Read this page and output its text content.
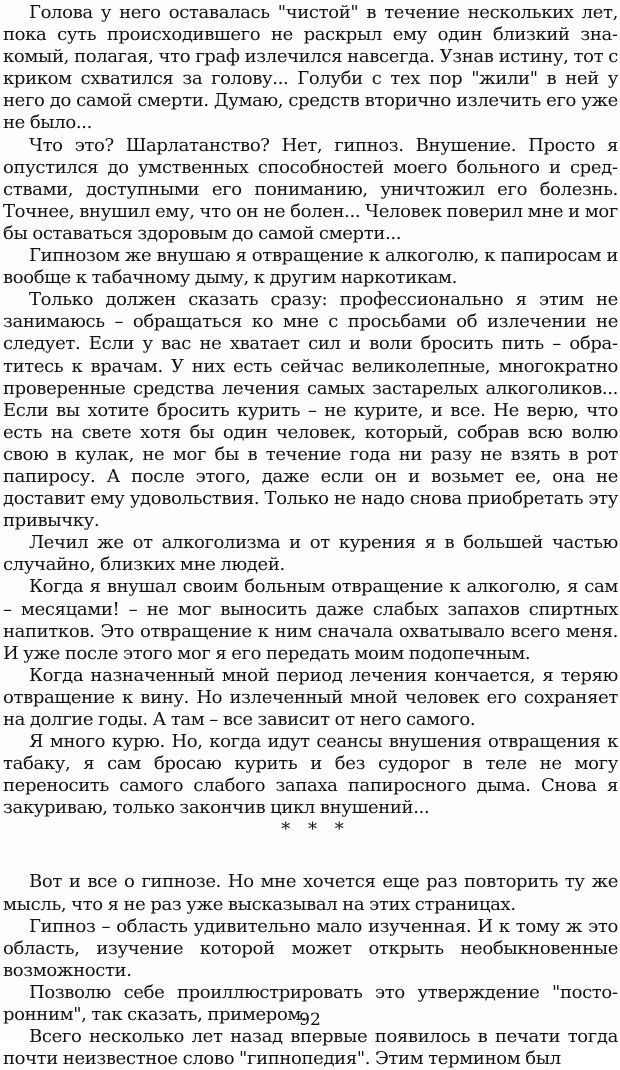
Голова у него оставалась "чистой" в течение нескольких лет, пока суть происходившего не раскрыл ему один близкий знакомый, полагая, что граф излечился навсегда. Узнав истину, тот с криком схватился за голову... Голуби с тех пор "жили" в ней у него до самой смерти. Думаю, средств вторично излечить его уже не было...

Что это? Шарлатанство? Нет, гипноз. Внушение. Просто я опустился до умственных способностей моего больного и средствами, доступными его пониманию, уничтожил его болезнь. Точнее, внушил ему, что он не болен... Человек поверил мне и мог бы оставаться здоровым до самой смерти...

Гипнозом же внушаю я отвращение к алкоголю, к папиросам и вообще к табачному дыму, к другим наркотикам.

Только должен сказать сразу: профессионально я этим не занимаюсь – обращаться ко мне с просьбами об излечении не следует. Если у вас не хватает сил и воли бросить пить – обратитесь к врачам. У них есть сейчас великолепные, многократно проверенные средства лечения самых застарелых алкоголиков... Если вы хотите бросить курить – не курите, и все. Не верю, что есть на свете хотя бы один человек, который, собрав всю волю свою в кулак, не мог бы в течение года ни разу не взять в рот папиросу. А после этого, даже если он и возьмет ее, она не доставит ему удовольствия. Только не надо снова приобретать эту привычку.

Лечил же от алкоголизма и от курения я в большей частью случайно, близких мне людей.

Когда я внушал своим больным отвращение к алкоголю, я сам – месяцами! – не мог выносить даже слабых запахов спиртных напитков. Это отвращение к ним сначала охватывало всего меня. И уже после этого мог я его передать моим подопечным.

Когда назначенный мной период лечения кончается, я теряю отвращение к вину. Но излеченный мной человек его сохраняет на долгие годы. А там – все зависит от него самого.

Я много курю. Но, когда идут сеансы внушения отвращения к табаку, я сам бросаю курить и без судорог в теле не могу переносить самого слабого запаха папиросного дыма. Снова я закуриваю, только закончив цикл внушений...

* * *

Вот и все о гипнозе. Но мне хочется еще раз повторить ту же мысль, что я не раз уже высказывал на этих страницах.

Гипноз – область удивительно мало изученная. И к тому ж это область, изучение которой может открыть необыкновенные возможности.

Позволю себе проиллюстрировать это утверждение "посторонним", так сказать, примером.

Всего несколько лет назад впервые появилось в печати тогда почти неизвестное слово "гипнопедия". Этим термином был

92
